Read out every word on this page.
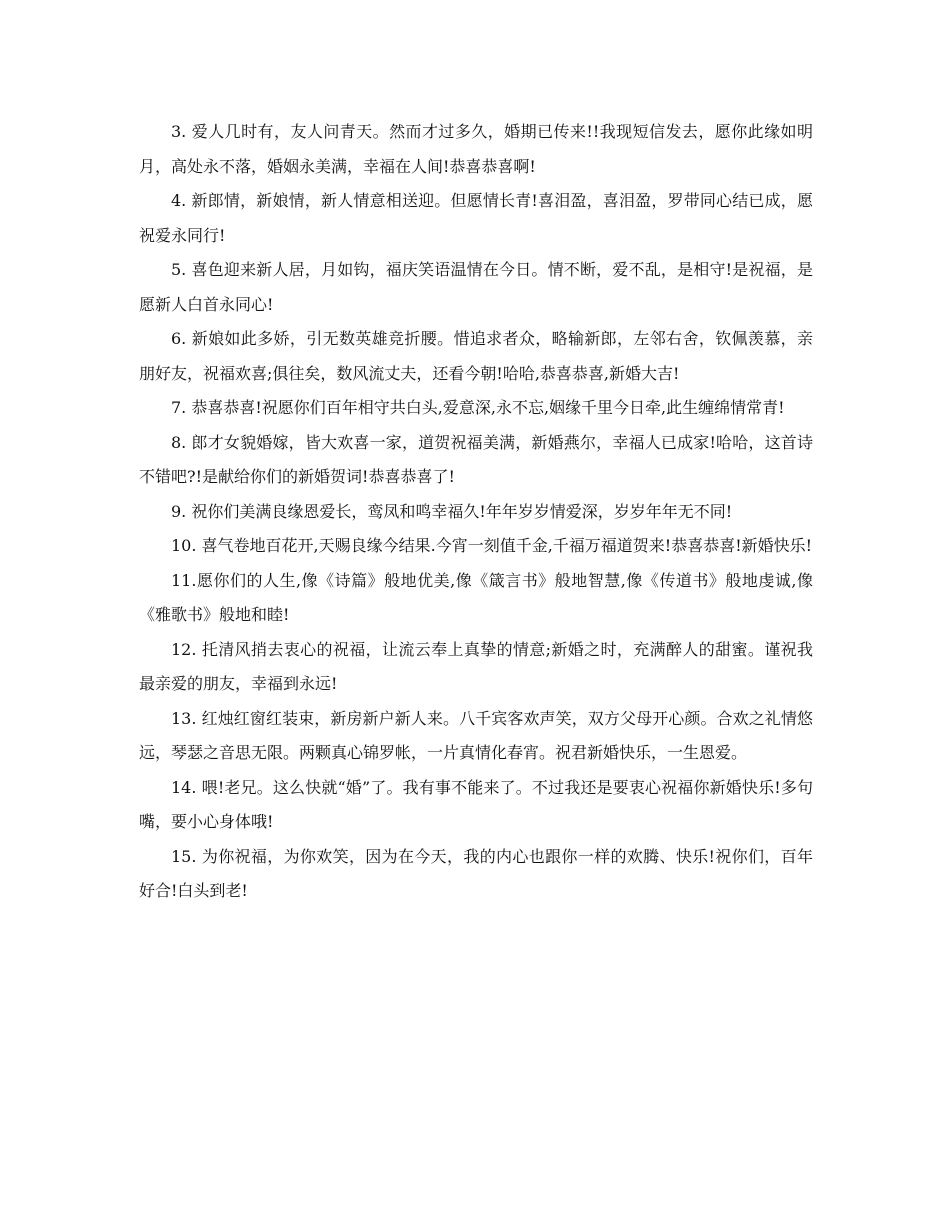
3. 爱人几时有，友人问青天。然而才过多久，婚期已传来!!我现短信发去，愿你此缘如明月，高处永不落，婚姻永美满，幸福在人间!恭喜恭喜啊!

4. 新郎情，新娘情，新人情意相送迎。但愿情长青!喜泪盈，喜泪盈，罗带同心结已成，愿祝爱永同行!

5. 喜色迎来新人居，月如钩，福庆笑语温情在今日。情不断，爱不乱，是相守!是祝福，是愿新人白首永同心!

6. 新娘如此多娇，引无数英雄竞折腰。惜追求者众，略输新郎，左邻右舍，钦佩羡慕，亲朋好友，祝福欢喜;俱往矣，数风流丈夫，还看今朝!哈哈,恭喜恭喜,新婚大吉!

7. 恭喜恭喜!祝愿你们百年相守共白头,爱意深,永不忘,姻缘千里今日牵,此生缠绵情常青!

8. 郎才女貌婚嫁，皆大欢喜一家，道贺祝福美满，新婚燕尔，幸福人已成家!哈哈，这首诗不错吧?!是献给你们的新婚贺词!恭喜恭喜了!

9. 祝你们美满良缘恩爱长，鸾凤和鸣幸福久!年年岁岁情爱深，岁岁年年无不同!

10. 喜气卷地百花开,天赐良缘今结果.今宵一刻值千金,千福万福道贺来!恭喜恭喜!新婚快乐!

11.愿你们的人生,像《诗篇》般地优美,像《箴言书》般地智慧,像《传道书》般地虔诚,像《雅歌书》般地和睦!

12. 托清风捎去衷心的祝福，让流云奉上真挚的情意;新婚之时，充满醉人的甜蜜。谨祝我最亲爱的朋友，幸福到永远!

13. 红烛红窗红装束，新房新户新人来。八千宾客欢声笑，双方父母开心颜。合欢之礼情悠远，琴瑟之音思无限。两颗真心锦罗帐，一片真情化春宵。祝君新婚快乐，一生恩爱。

14. 喂!老兄。这么快就“婚”了。我有事不能来了。不过我还是要衷心祝福你新婚快乐!多句嘴，要小心身体哦!

15. 为你祝福，为你欢笑，因为在今天，我的内心也跟你一样的欢腾、快乐!祝你们，百年好合!白头到老!
